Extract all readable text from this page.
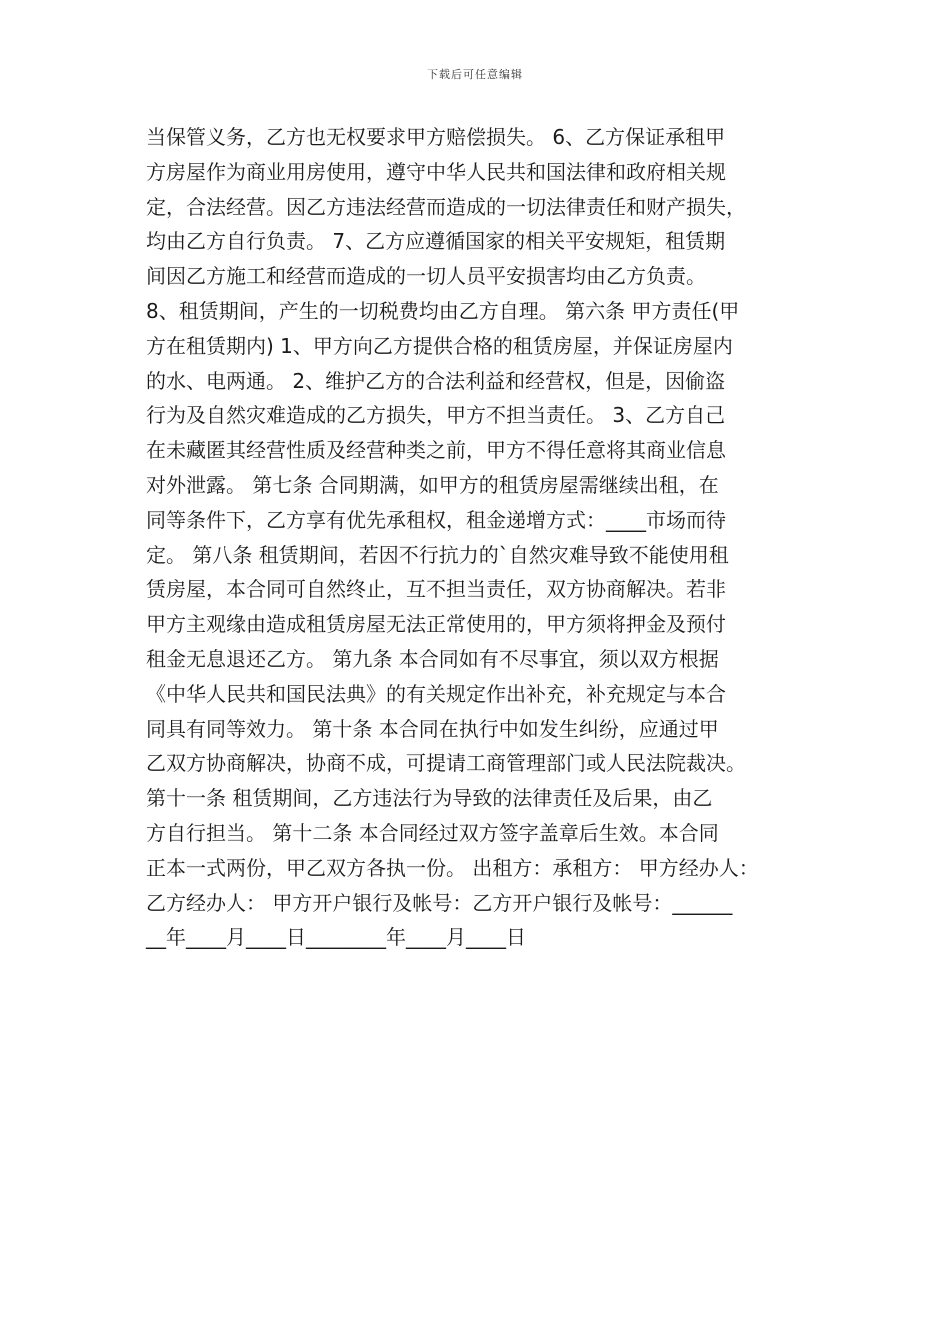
下载后可任意编辑
当保管义务，乙方也无权要求甲方赔偿损失。 6、乙方保证承租甲
方房屋作为商业用房使用，遵守中华人民共和国法律和政府相关规
定，合法经营。因乙方违法经营而造成的一切法律责任和财产损失，
均由乙方自行负责。 7、乙方应遵循国家的相关平安规矩，租赁期
间因乙方施工和经营而造成的一切人员平安损害均由乙方负责。
8、租赁期间，产生的一切税费均由乙方自理。 第六条 甲方责任(甲
方在租赁期内) 1、甲方向乙方提供合格的租赁房屋，并保证房屋内
的水、电两通。 2、维护乙方的合法利益和经营权，但是，因偷盗
行为及自然灾难造成的乙方损失，甲方不担当责任。 3、乙方自己
在未藏匿其经营性质及经营种类之前，甲方不得任意将其商业信息
对外泄露。 第七条 合同期满，如甲方的租赁房屋需继续出租，在
同等条件下，乙方享有优先承租权，租金递增方式：____市场而待
定。 第八条 租赁期间，若因不行抗力的`自然灾难导致不能使用租
赁房屋，本合同可自然终止，互不担当责任，双方协商解决。若非
甲方主观缘由造成租赁房屋无法正常使用的，甲方须将押金及预付
租金无息退还乙方。 第九条 本合同如有不尽事宜，须以双方根据
《中华人民共和国民法典》的有关规定作出补充，补充规定与本合
同具有同等效力。 第十条 本合同在执行中如发生纠纷，应通过甲
乙双方协商解决，协商不成，可提请工商管理部门或人民法院裁决。
第十一条 租赁期间，乙方违法行为导致的法律责任及后果，由乙
方自行担当。 第十二条 本合同经过双方签字盖章后生效。本合同
正本一式两份，甲乙双方各执一份。 出租方：承租方： 甲方经办人：
乙方经办人： 甲方开户银行及帐号：乙方开户银行及帐号：______
__年____月____日________年____月____日
